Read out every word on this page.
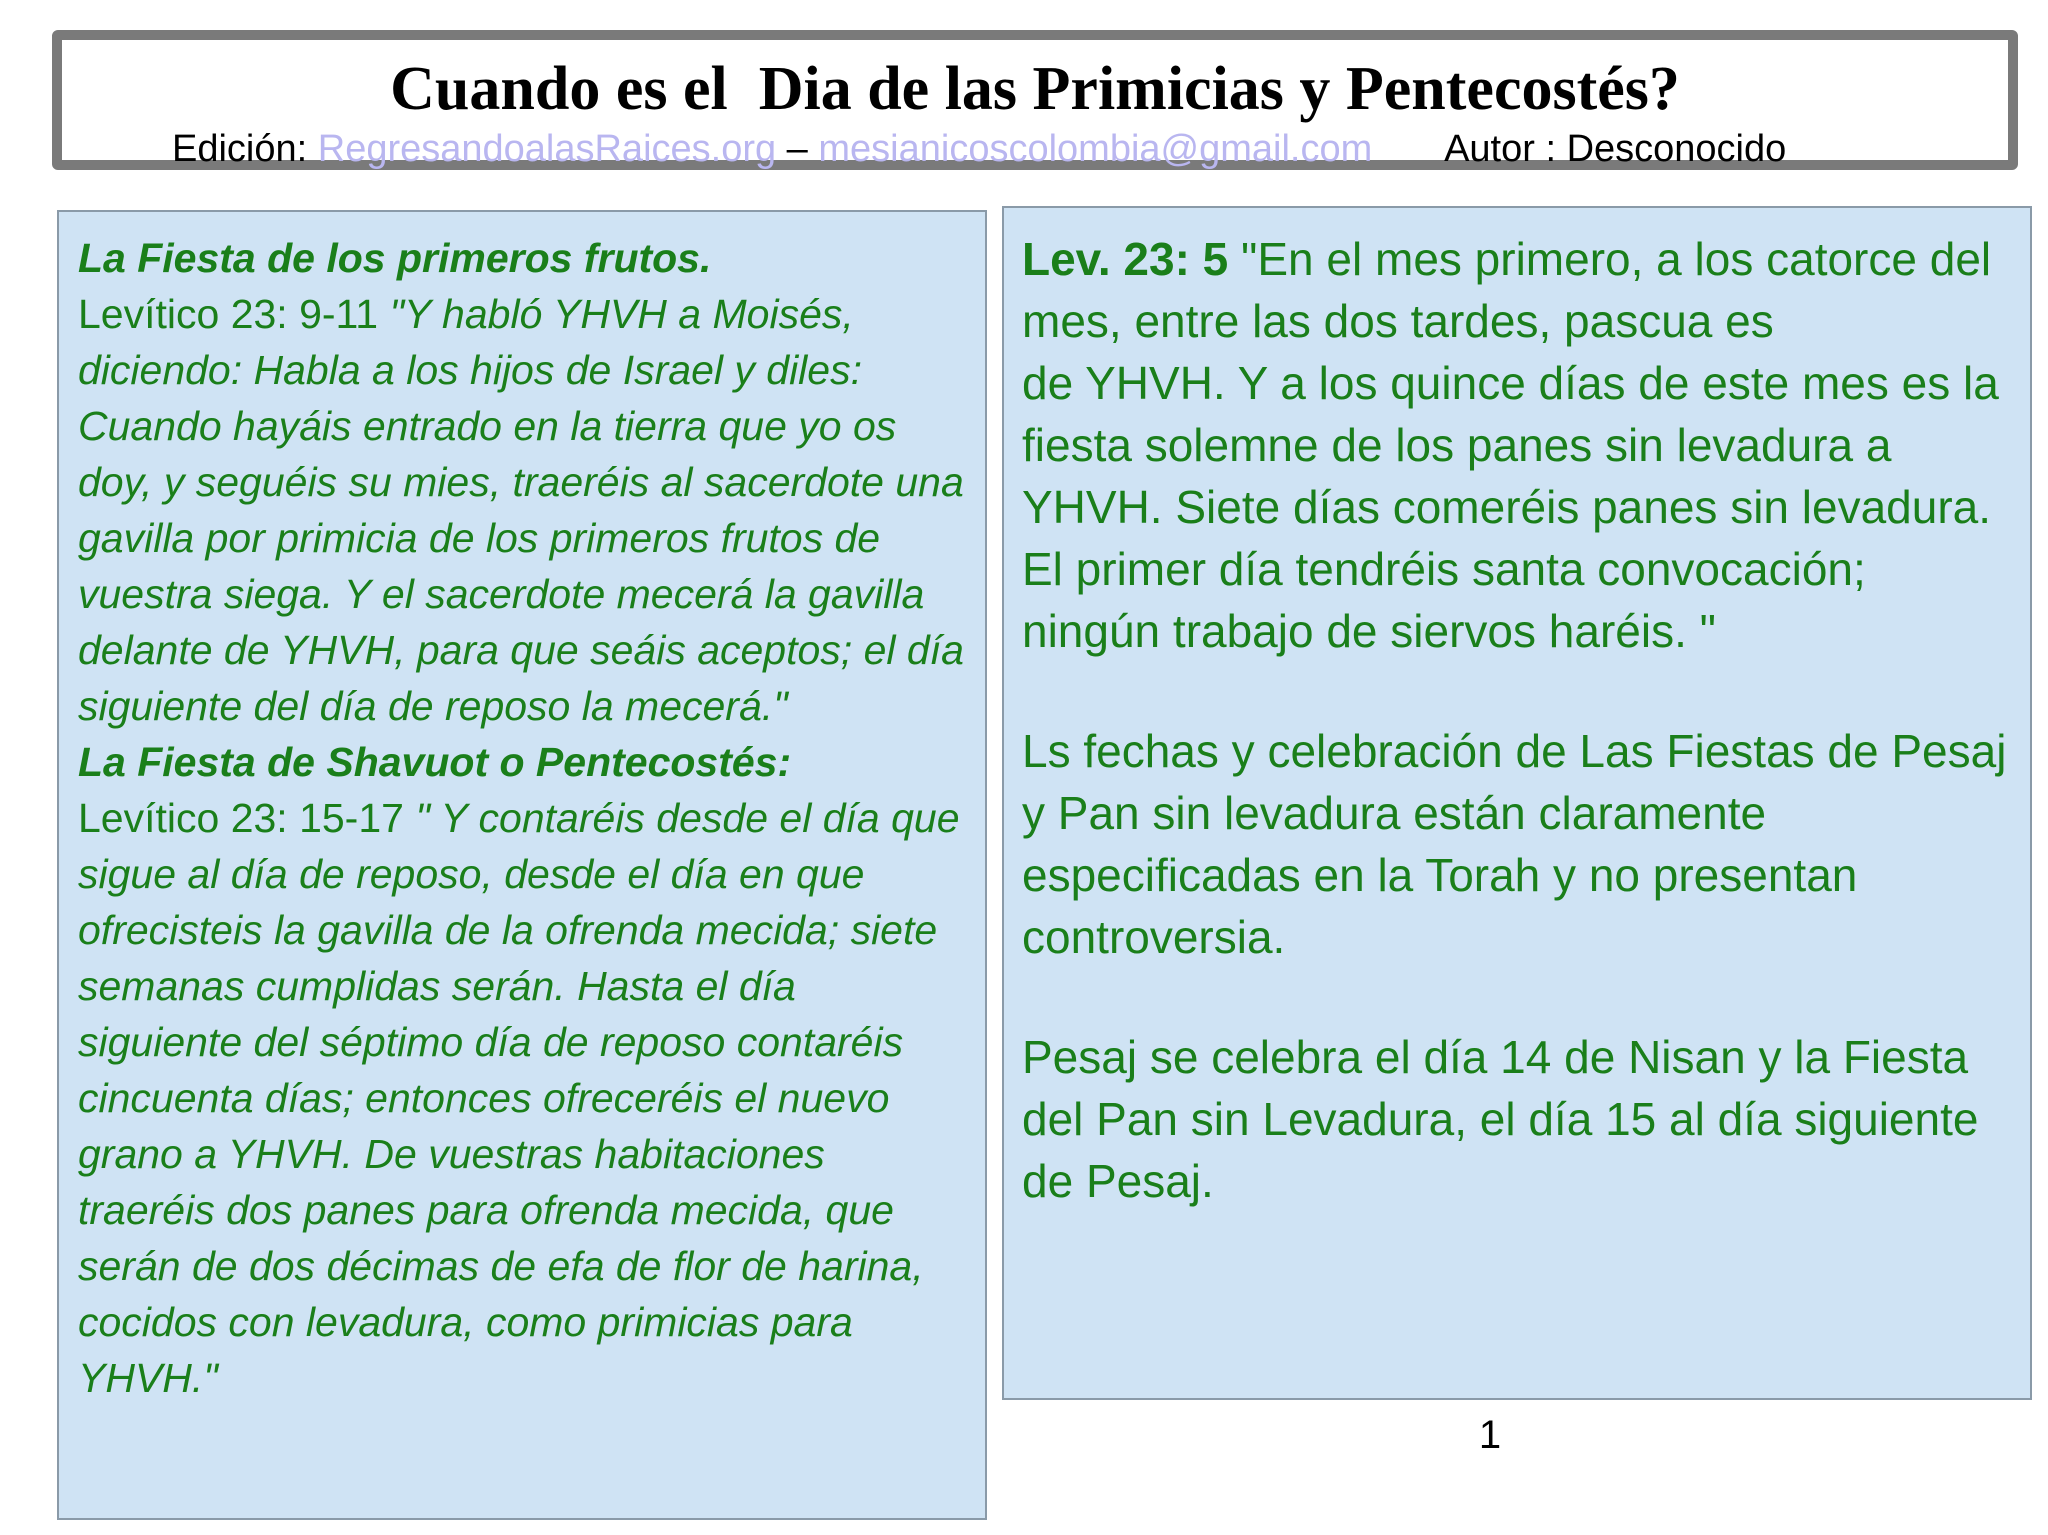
Cuando es el  Dia de las Primicias y Pentecostés?
Edición: RegresandoalasRaices.org – mesianicoscolombia@gmail.com Autor : Desconocido

La Fiesta de los primeros frutos.
Levítico 23: 9-11 "Y habló YHVH a Moisés, diciendo: Habla a los hijos de Israel y diles: Cuando hayáis entrado en la tierra que yo os doy, y seguéis su mies, traeréis al sacerdote una gavilla por primicia de los primeros frutos de vuestra siega. Y el sacerdote mecerá la gavilla delante de YHVH, para que seáis aceptos; el día siguiente del día de reposo la mecerá."
La Fiesta de Shavuot o Pentecostés:
Levítico 23: 15-17 " Y contaréis desde el día que sigue al día de reposo, desde el día en que ofrecisteis la gavilla de la ofrenda mecida; siete semanas cumplidas serán. Hasta el día siguiente del séptimo día de reposo contaréis cincuenta días; entonces ofreceréis el nuevo grano a YHVH. De vuestras habitaciones traeréis dos panes para ofrenda mecida, que serán de dos décimas de efa de flor de harina, cocidos con levadura, como primicias para YHVH."

Lev. 23: 5 "En el mes primero, a los catorce del mes, entre las dos tardes, pascua es
de YHVH. Y a los quince días de este mes es la fiesta solemne de los panes sin levadura a YHVH. Siete días comeréis panes sin levadura. El primer día tendréis santa convocación; ningún trabajo de siervos haréis. "

Ls fechas y celebración de Las Fiestas de Pesaj y Pan sin levadura están claramente especificadas en la Torah y no presentan controversia.

Pesaj se celebra el día 14 de Nisan y la Fiesta del Pan sin Levadura, el día 15 al día siguiente de Pesaj.

1
